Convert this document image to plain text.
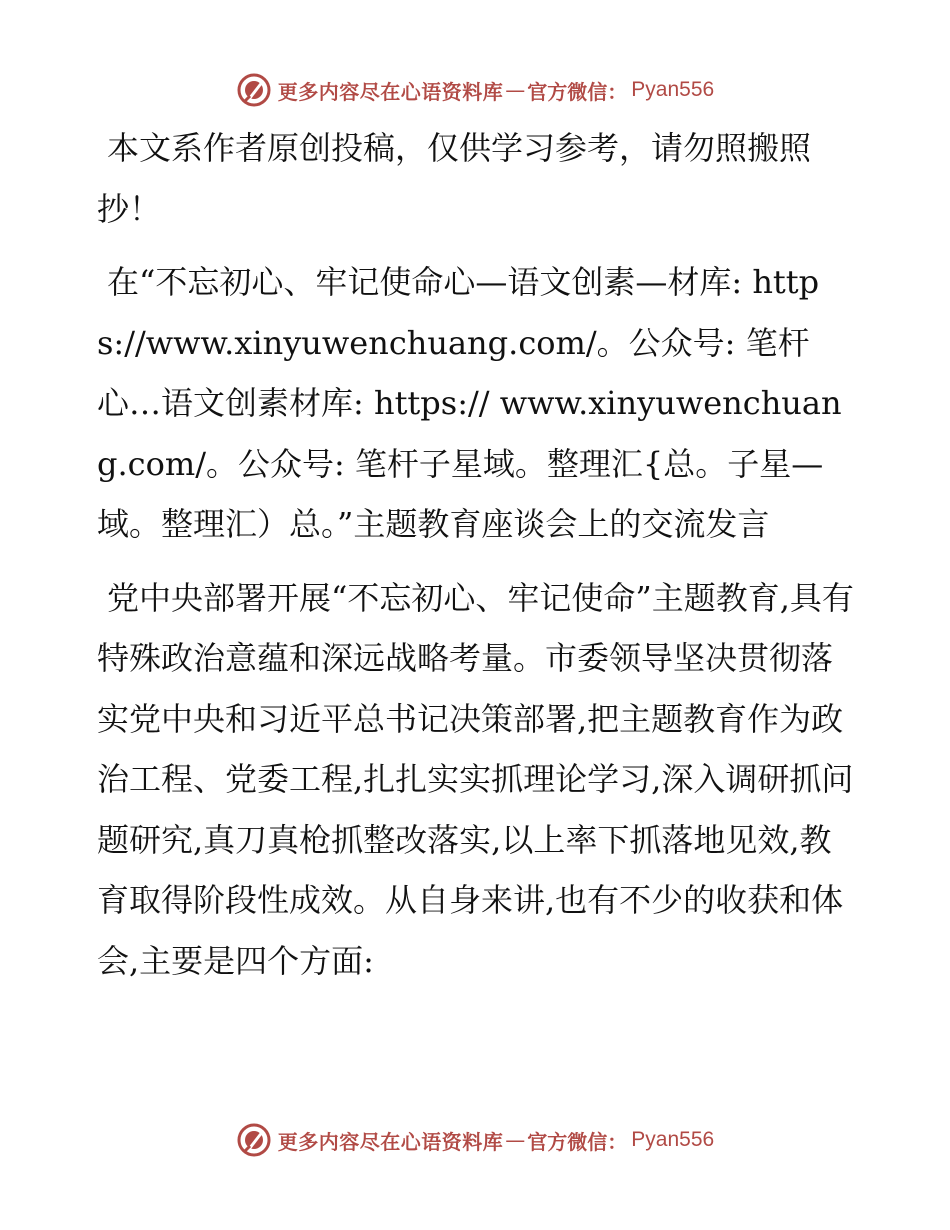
更多内容尽在心语资料库 — 官方微信： Pyan556

本文系作者原创投稿，仅供学习参考，请勿照搬照抄！

在“不忘初心、牢记使命心—语文创素—材库: https://www.xinyuwenchuang.com/。公众号: 笔杆心…语文创素材库: https:// www.xinyuwenchuang.com/。公众号: 笔杆子星域。整理汇{总。子星—域。整理汇）总。”主题教育座谈会上的交流发言

党中央部署开展“不忘初心、牢记使命”主题教育,具有特殊政治意蕴和深远战略考量。市委领导坚决贯彻落实党中央和习近平总书记决策部署,把主题教育作为政治工程、党委工程,扎扎实实抓理论学习,深入调研抓问题研究,真刀真枪抓整改落实,以上率下抓落地见效,教育取得阶段性成效。从自身来讲,也有不少的收获和体会,主要是四个方面:

更多内容尽在心语资料库 — 官方微信： Pyan556
